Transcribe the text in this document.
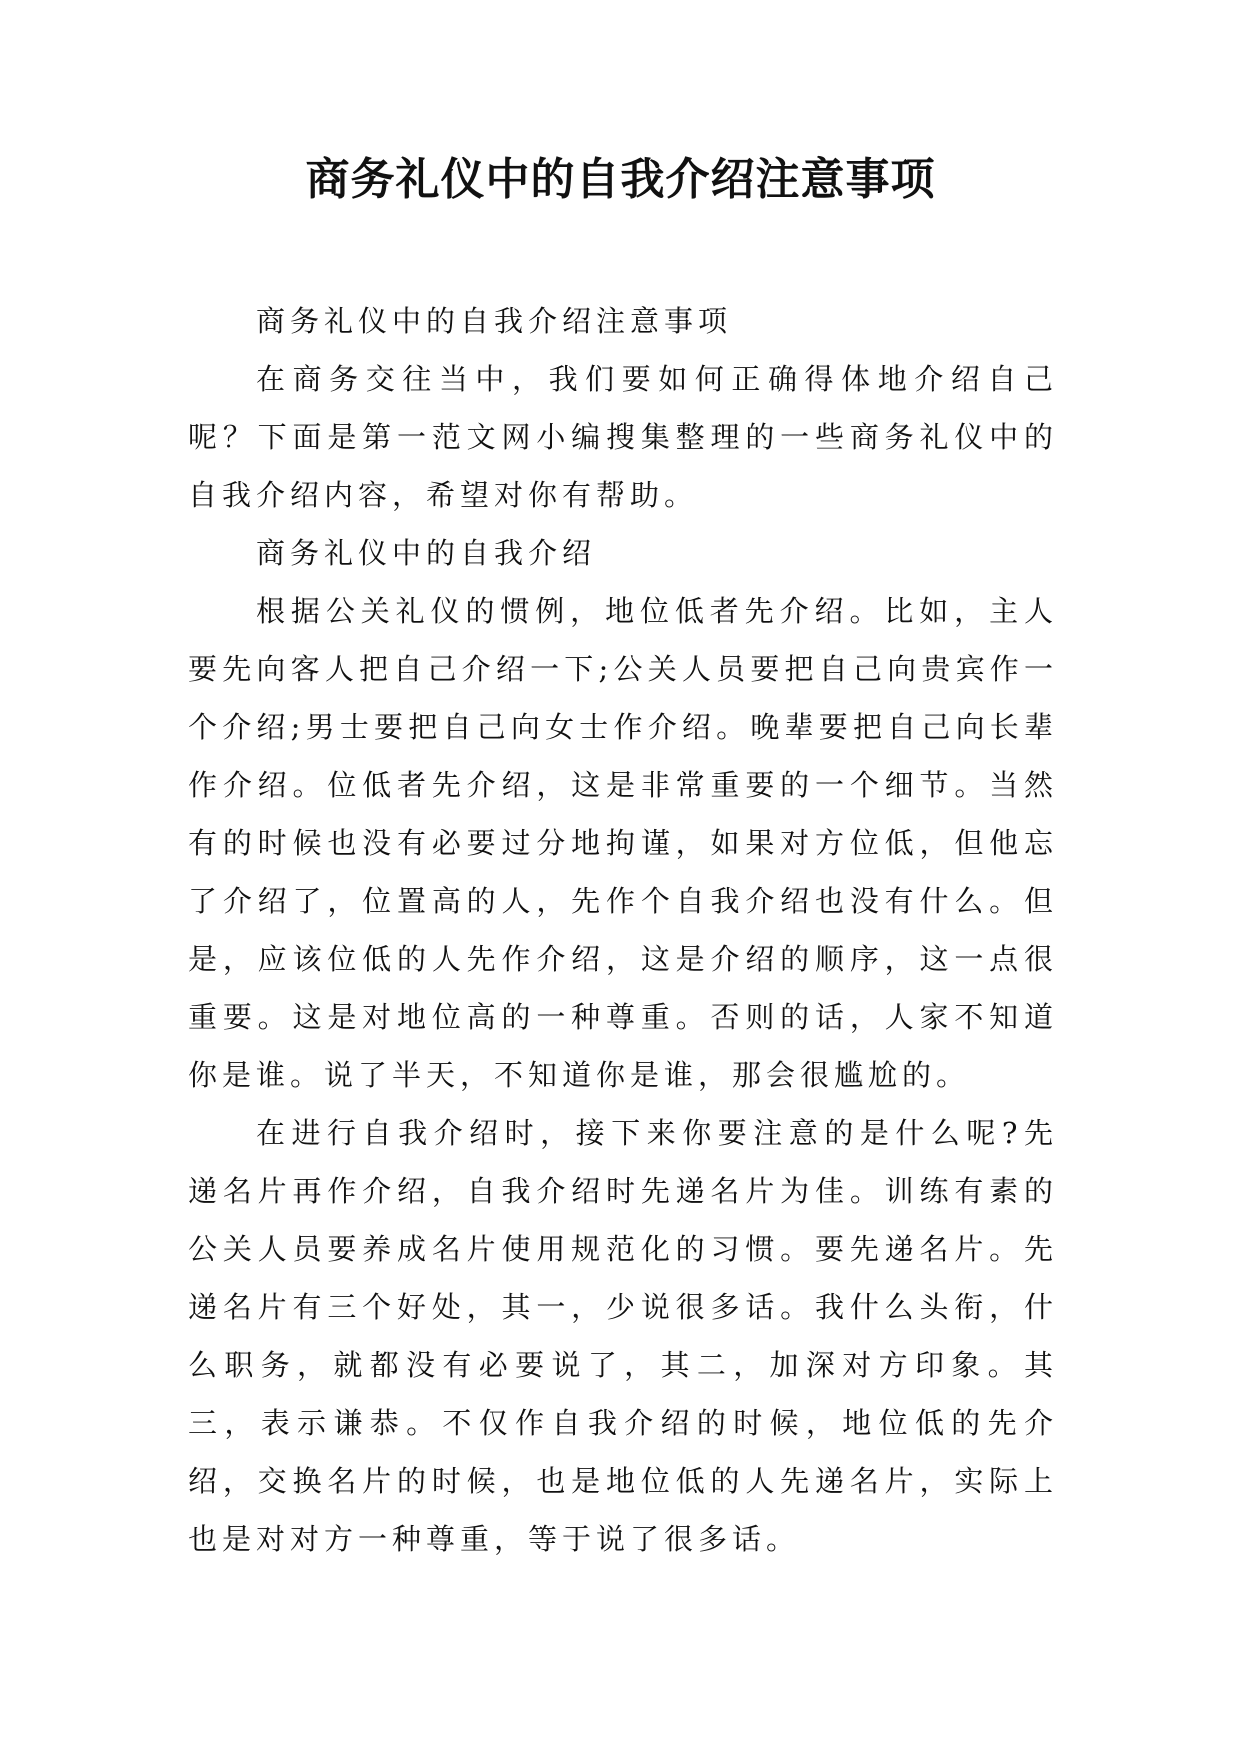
商务礼仪中的自我介绍注意事项

商务礼仪中的自我介绍注意事项

在商务交往当中，我们要如何正确得体地介绍自己呢？下面是第一范文网小编搜集整理的一些商务礼仪中的自我介绍内容，希望对你有帮助。

商务礼仪中的自我介绍

根据公关礼仪的惯例，地位低者先介绍。比如，主人要先向客人把自己介绍一下;公关人员要把自己向贵宾作一个介绍;男士要把自己向女士作介绍。晚辈要把自己向长辈作介绍。位低者先介绍，这是非常重要的一个细节。当然有的时候也没有必要过分地拘谨，如果对方位低，但他忘了介绍了，位置高的人，先作个自我介绍也没有什么。但是，应该位低的人先作介绍，这是介绍的顺序，这一点很重要。这是对地位高的一种尊重。否则的话，人家不知道你是谁。说了半天，不知道你是谁，那会很尴尬的。

在进行自我介绍时，接下来你要注意的是什么呢?先递名片再作介绍，自我介绍时先递名片为佳。训练有素的公关人员要养成名片使用规范化的习惯。要先递名片。先递名片有三个好处，其一，少说很多话。我什么头衔，什么职务，就都没有必要说了，其二，加深对方印象。其三，表示谦恭。不仅作自我介绍的时候，地位低的先介绍，交换名片的时候，也是地位低的人先递名片，实际上也是对对方一种尊重，等于说了很多话。
